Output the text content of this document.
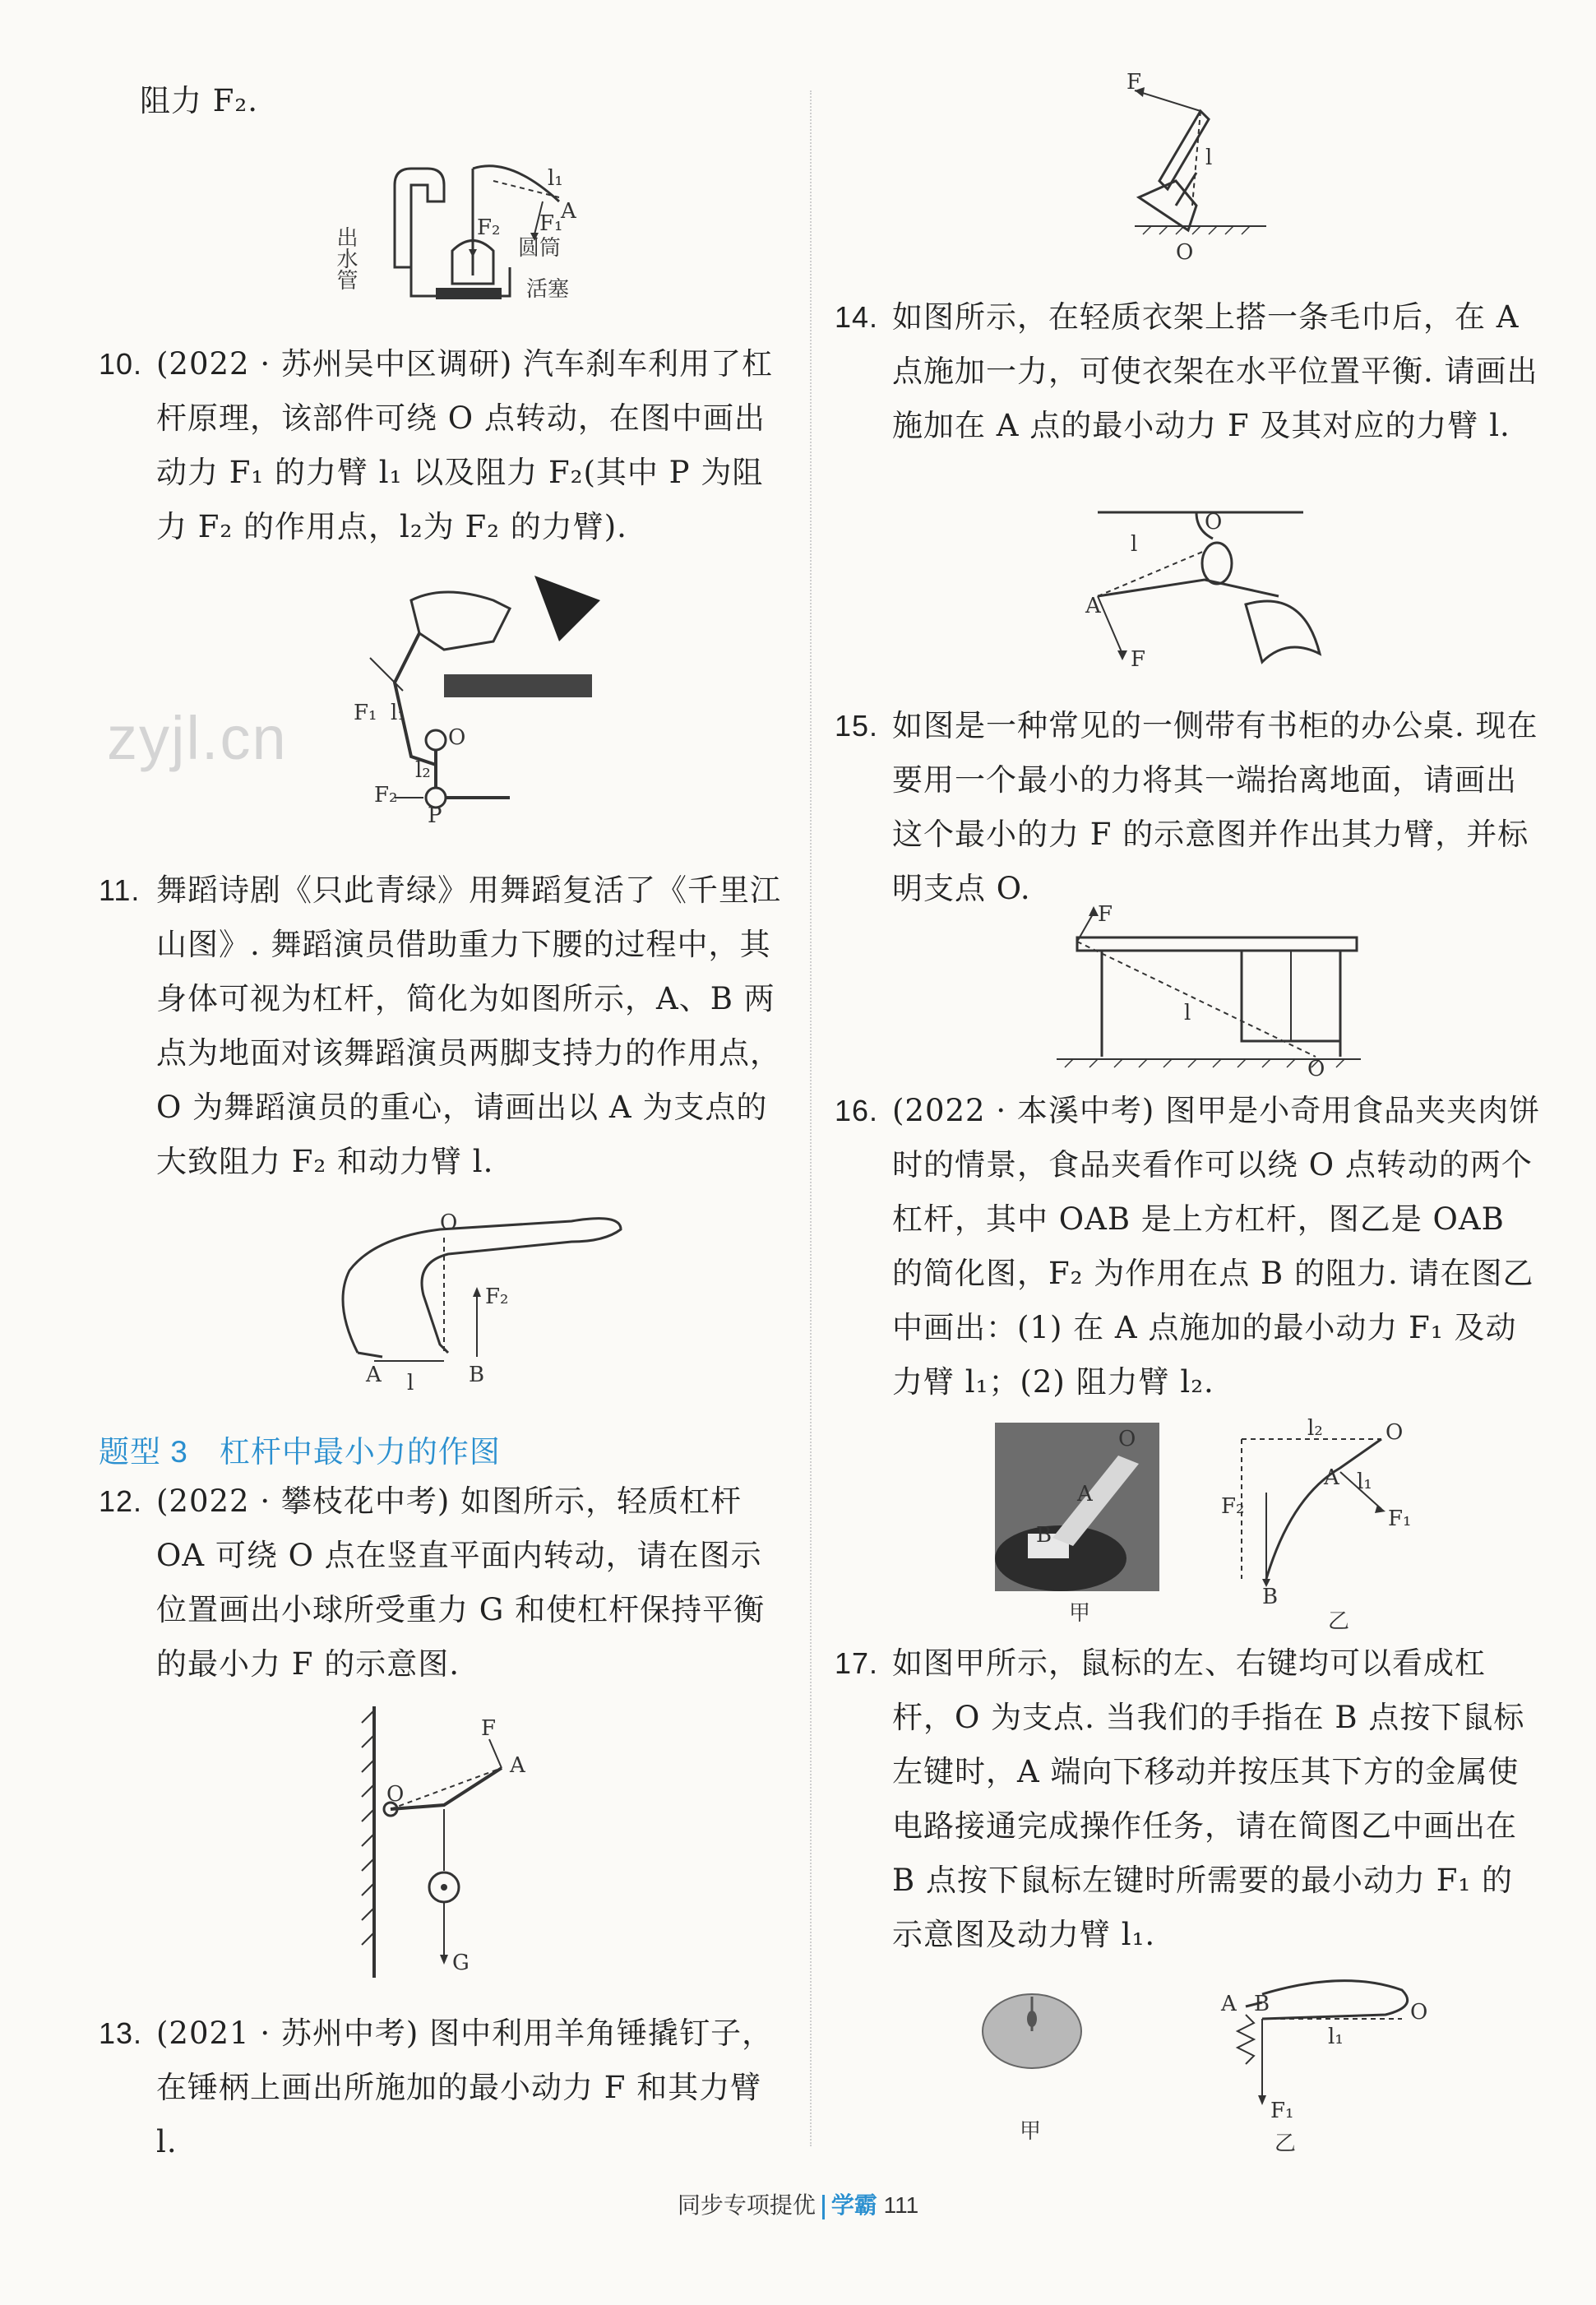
阻力 F₂.
出水管	圆筒
活塞
A
F₁
F₂
l₁
10. (2022 · 苏州吴中区调研) 汽车刹车利用了杠杆原理，该部件可绕 O 点转动，在图中画出动力 F₁ 的力臂 l₁ 以及阻力 F₂(其中 P 为阻力 F₂ 的作用点，l₂为 F₂ 的力臂).
F₁ l₁
O
l₂
F₂
P
zyjl.cn
11. 舞蹈诗剧《只此青绿》用舞蹈复活了《千里江山图》. 舞蹈演员借助重力下腰的过程中，其身体可视为杠杆，简化为如图所示，A、B 两点为地面对该舞蹈演员两脚支持力的作用点，O 为舞蹈演员的重心，请画出以 A 为支点的大致阻力 F₂ 和动力臂 l.
O
F₂
A	B
l
题型 3　杠杆中最小力的作图
12. (2022 · 攀枝花中考) 如图所示，轻质杠杆 OA 可绕 O 点在竖直平面内转动，请在图示位置画出小球所受重力 G 和使杠杆保持平衡的最小力 F 的示意图.
F
A
O
G
13. (2021 · 苏州中考) 图中利用羊角锤撬钉子，在锤柄上画出所施加的最小动力 F 和其力臂 l.
F
l
O
14. 如图所示，在轻质衣架上搭一条毛巾后，在 A 点施加一力，可使衣架在水平位置平衡. 请画出施加在 A 点的最小动力 F 及其对应的力臂 l.
O
l
A
F
15. 如图是一种常见的一侧带有书柜的办公桌. 现在要用一个最小的力将其一端抬离地面，请画出这个最小的力 F 的示意图并作出其力臂，并标明支点 O.
F
l
O
16. (2022 · 本溪中考) 图甲是小奇用食品夹夹肉饼时的情景，食品夹看作可以绕 O 点转动的两个杠杆，其中 OAB 是上方杠杆，图乙是 OAB 的简化图，F₂ 为作用在点 B 的阻力. 请在图乙中画出：(1) 在 A 点施加的最小动力 F₁ 及动力臂 l₁；(2) 阻力臂 l₂.
O
A
B
甲
O
l₂
A l₁
F₁
F₂
B
乙
17. 如图甲所示，鼠标的左、右键均可以看成杠杆，O 为支点. 当我们的手指在 B 点按下鼠标左键时，A 端向下移动并按压其下方的金属使电路接通完成操作任务，请在简图乙中画出在 B 点按下鼠标左键时所需要的最小动力 F₁ 的示意图及动力臂 l₁.
甲
A B	O
l₁
F₁
乙
同步专项提优 学霸 111
